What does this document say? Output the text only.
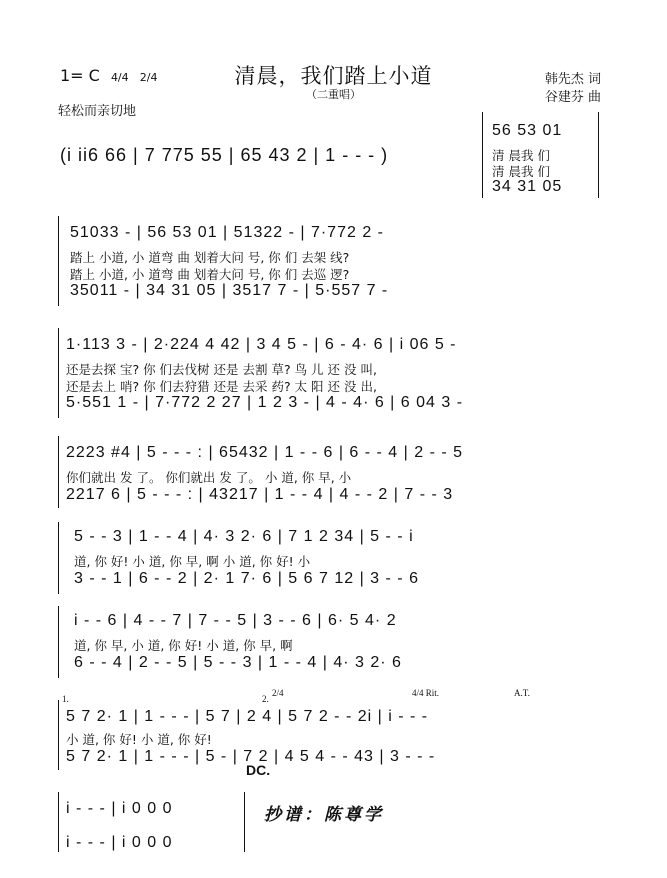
清晨，我们踏上小道
（二重唱）
1= C 4/4 2/4
轻松而亲切地
韩先杰 词
谷建芬 曲
(i ii6 66 | 7 775 55 | 65 43 2 | 1 - - - )
56 53 01
清 晨我 们
清 晨我 们
34 31 05
51033 - | 56 53 01 | 51322 - | 7·772 2 -
踏上 小道, 小 道弯 曲 划着大问 号, 你 们 去架 线?
踏上 小道, 小 道弯 曲 划着大问 号, 你 们 去巡 逻?
35011 - | 34 31 05 | 3517 7 - | 5·557 7 -
1·113 3 - | 2·224 4 42 | 3 4 5 - | 6 - 4· 6 | i 06 5 -
还是去探 宝? 你 们去伐树 还是 去割 草? 鸟 儿 还 没 叫,
还是去上 哨? 你 们去狩猎 还是 去采 药? 太 阳 还 没 出,
5·551 1 - | 7·772 2 27 | 1 2 3 - | 4 - 4· 6 | 6 04 3 -
2223 #4 | 5 - - - : | 65432 | 1 - - 6 | 6 - - 4 | 2 - - 5
你们就出 发 了。 你们就出 发 了。 小 道, 你 早, 小
2217 6 | 5 - - - : | 43217 | 1 - - 4 | 4 - - 2 | 7 - - 3
5 - - 3 | 1 - - 4 | 4· 3 2· 6 | 7 1 2 34 | 5 - - i
道, 你 好! 小 道, 你 早, 啊 小 道, 你 好! 小
3 - - 1 | 6 - - 2 | 2· 1 7· 6 | 5 6 7 12 | 3 - - 6
i - - 6 | 4 - - 7 | 7 - - 5 | 3 - - 6 | 6· 5 4· 2
道, 你 早, 小 道, 你 好! 小 道, 你 早, 啊
6 - - 4 | 2 - - 5 | 5 - - 3 | 1 - - 4 | 4· 3 2· 6
1.	2.
2/4	4/4 Rit.	A.T.
5 7 2· 1 | 1 - - - | 5 7 | 2 4 | 5 7 2 - - 2i | i - - -
小 道, 你 好! 小 道, 你 好!
5 7 2· 1 | 1 - - - | 5 - | 7 2 | 4 5 4 - - 43 | 3 - - -
DC.
i - - - | i 0 0 0
i - - - | i 0 0 0
抄谱：陈尊学
